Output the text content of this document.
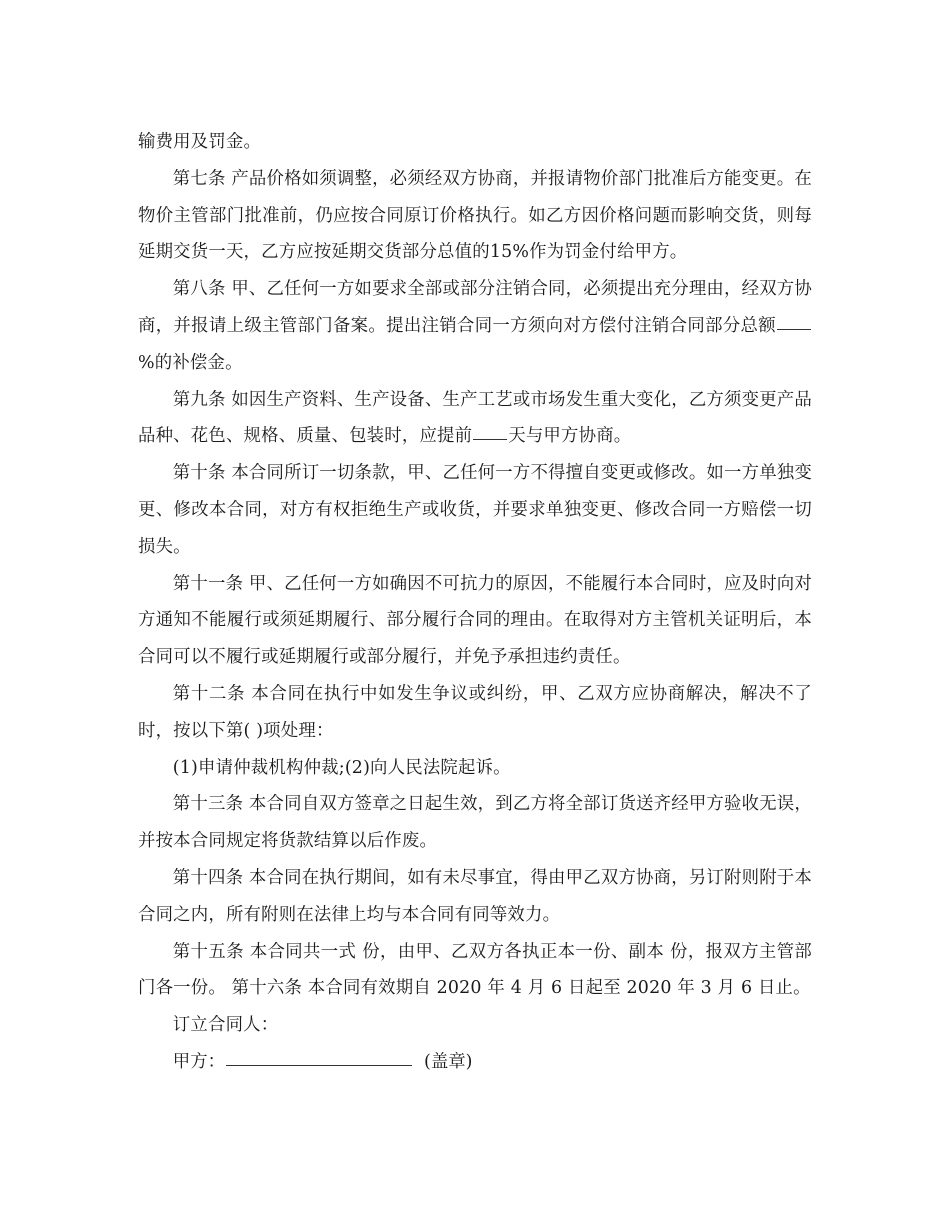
输费用及罚金。

第七条 产品价格如须调整，必须经双方协商，并报请物价部门批准后方能变更。在物价主管部门批准前，仍应按合同原订价格执行。如乙方因价格问题而影响交货，则每延期交货一天，乙方应按延期交货部分总值的15%作为罚金付给甲方。

第八条 甲、乙任何一方如要求全部或部分注销合同，必须提出充分理由，经双方协商，并报请上级主管部门备案。提出注销合同一方须向对方偿付注销合同部分总额%的补偿金。

第九条 如因生产资料、生产设备、生产工艺或市场发生重大变化，乙方须变更产品品种、花色、规格、质量、包装时，应提前 天与甲方协商。

第十条 本合同所订一切条款，甲、乙任何一方不得擅自变更或修改。如一方单独变更、修改本合同，对方有权拒绝生产或收货，并要求单独变更、修改合同一方赔偿一切损失。

第十一条 甲、乙任何一方如确因不可抗力的原因，不能履行本合同时，应及时向对方通知不能履行或须延期履行、部分履行合同的理由。在取得对方主管机关证明后，本合同可以不履行或延期履行或部分履行，并免予承担违约责任。

第十二条 本合同在执行中如发生争议或纠纷，甲、乙双方应协商解决，解决不了时，按以下第( )项处理：

(1)申请仲裁机构仲裁;(2)向人民法院起诉。

第十三条 本合同自双方签章之日起生效，到乙方将全部订货送齐经甲方验收无误，并按本合同规定将货款结算以后作废。

第十四条 本合同在执行期间，如有未尽事宜，得由甲乙双方协商，另订附则附于本合同之内，所有附则在法律上均与本合同有同等效力。

第十五条 本合同共一式 份，由甲、乙双方各执正本一份、副本 份，报双方主管部门各一份。 第十六条 本合同有效期自 2020 年 4 月 6 日起至 2020 年 3 月 6 日止。

订立合同人：

甲方：	(盖章)
